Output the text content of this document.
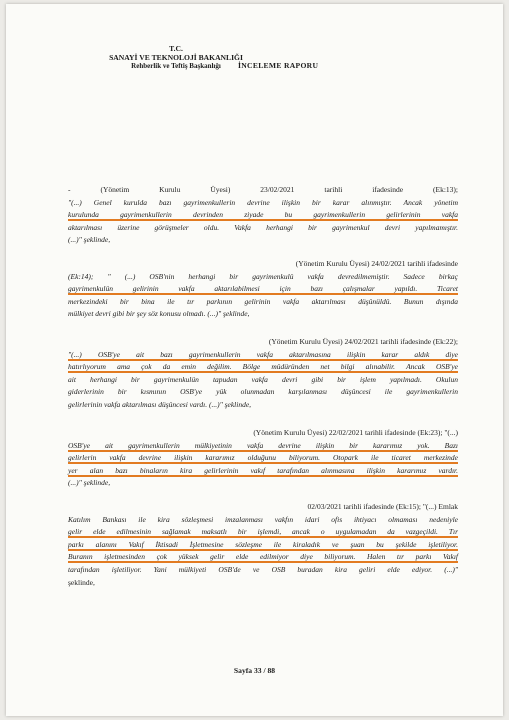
T.C.
SANAYİ VE TEKNOLOJİ BAKANLIĞI
Rehberlik ve Teftiş Başkanlığı	İNCELEME RAPORU
- (Yönetim Kurulu Üyesi) 23/02/2021 tarihli ifadesinde (Ek:13);
"(...) Genel kurulda bazı gayrimenkullerin devrine ilişkin bir karar alınmıştır. Ancak yönetim
kurulunda gayrimenkullerin devrinden ziyade bu gayrimenkullerin gelirlerinin vakfa
aktarılması üzerine görüşmeler oldu. Vakfa herhangi bir gayrimenkul devri yapılmamıştır.
(...)" şeklinde,
(Yönetim Kurulu Üyesi) 24/02/2021 tarihli ifadesinde
(Ek:14); " (...) OSB'nin herhangi bir gayrimenkulü vakfa devredilmemiştir. Sadece birkaç
gayrimenkulün gelirinin vakfa aktarılabilmesi için bazı çalışmalar yapıldı. Ticaret
merkezindeki bir bina ile tır parkının gelirinin vakfa aktarılması düşünüldü. Bunun dışında
mülkiyet devri gibi bir şey söz konusu olmadı. (...)" şeklinde,
(Yönetim Kurulu Üyesi) 24/02/2021 tarihli ifadesinde (Ek:22);
"(...) OSB'ye ait bazı gayrimenkullerin vakfa aktarılmasına ilişkin karar aldık diye
hatırlıyorum ama çok da emin değilim. Bölge müdüründen net bilgi alınabilir. Ancak OSB'ye
ait herhangi bir gayrimenkulün tapudan vakfa devri gibi bir işlem yapılmadı. Okulun
giderlerinin bir kısmının OSB'ye yük olunmadan karşılanması düşüncesi ile gayrimenkullerin
gelirlerinin vakfa aktarılması düşüncesi vardı. (...)" şeklinde,
(Yönetim Kurulu Üyesi) 22/02/2021 tarihli ifadesinde (Ek:23); "(...)
OSB'ye ait gayrimenkullerin mülkiyetinin vakfa devrine ilişkin bir kararımız yok. Bazı
gelirlerin vakfa devrine ilişkin kararımız olduğunu biliyorum. Otopark ile ticaret merkezinde
yer alan bazı binaların kira gelirlerinin vakıf tarafından alınmasına ilişkin kararımız vardır.
(...)" şeklinde,
02/03/2021 tarihli ifadesinde (Ek:15); "(...) Emlak
Katılım Bankası ile kira sözleşmesi imzalanması vakfın idari ofis ihtiyacı olmaması nedeniyle
gelir elde edilmesinin sağlamak maksatlı bir işlemdi, ancak o uygulamadan da vazgeçildi. Tır
parkı alanını Vakıf İktisadi İşletmesine sözleşme ile kiraladık ve şuan bu şekilde işletiliyor.
Buranın işletmesinden çok yüksek gelir elde edilmiyor diye biliyorum. Halen tır parkı Vakıf
tarafından işletiliyor. Yani mülkiyeti OSB'de ve OSB buradan kira geliri elde ediyor. (...)"
şeklinde,
Sayfa 33 / 88
